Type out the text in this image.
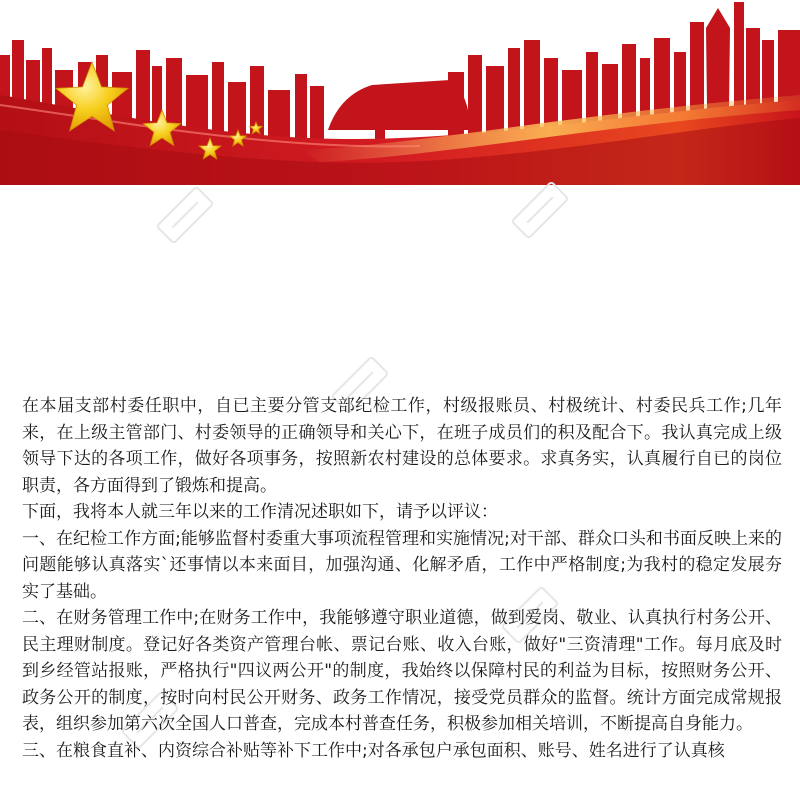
在本届支部村委任职中，自已主要分管支部纪检工作，村级报账员、村极统计、村委民兵工作;几年来，在上级主管部门、村委领导的正确领导和关心下，在班子成员们的积及配合下。我认真完成上级领导下达的各项工作，做好各项事务，按照新农村建设的总体要求。求真务实，认真履行自已的岗位职责，各方面得到了锻炼和提高。

下面，我将本人就三年以来的工作清况述职如下，请予以评议：

一、在纪检工作方面;能够监督村委重大事项流程管理和实施情况;对干部、群众口头和书面反映上来的问题能够认真落实`还事情以本来面目，加强沟通、化解矛盾，工作中严格制度;为我村的稳定发展夯实了基础。

二、在财务管理工作中;在财务工作中，我能够遵守职业道德，做到爱岗、敬业、认真执行村务公开、民主理财制度。登记好各类资产管理台帐、票记台账、收入台账，做好"三资清理"工作。每月底及时到乡经管站报账，严格执行"四议两公开"的制度，我始终以保障村民的利益为目标，按照财务公开、政务公开的制度，按时向村民公开财务、政务工作情况，接受党员群众的监督。统计方面完成常规报表，组织参加第六次全国人口普查，完成本村普查任务，积极参加相关培训，不断提高自身能力。

三、在粮食直补、内资综合补贴等补下工作中;对各承包户承包面积、账号、姓名进行了认真核
